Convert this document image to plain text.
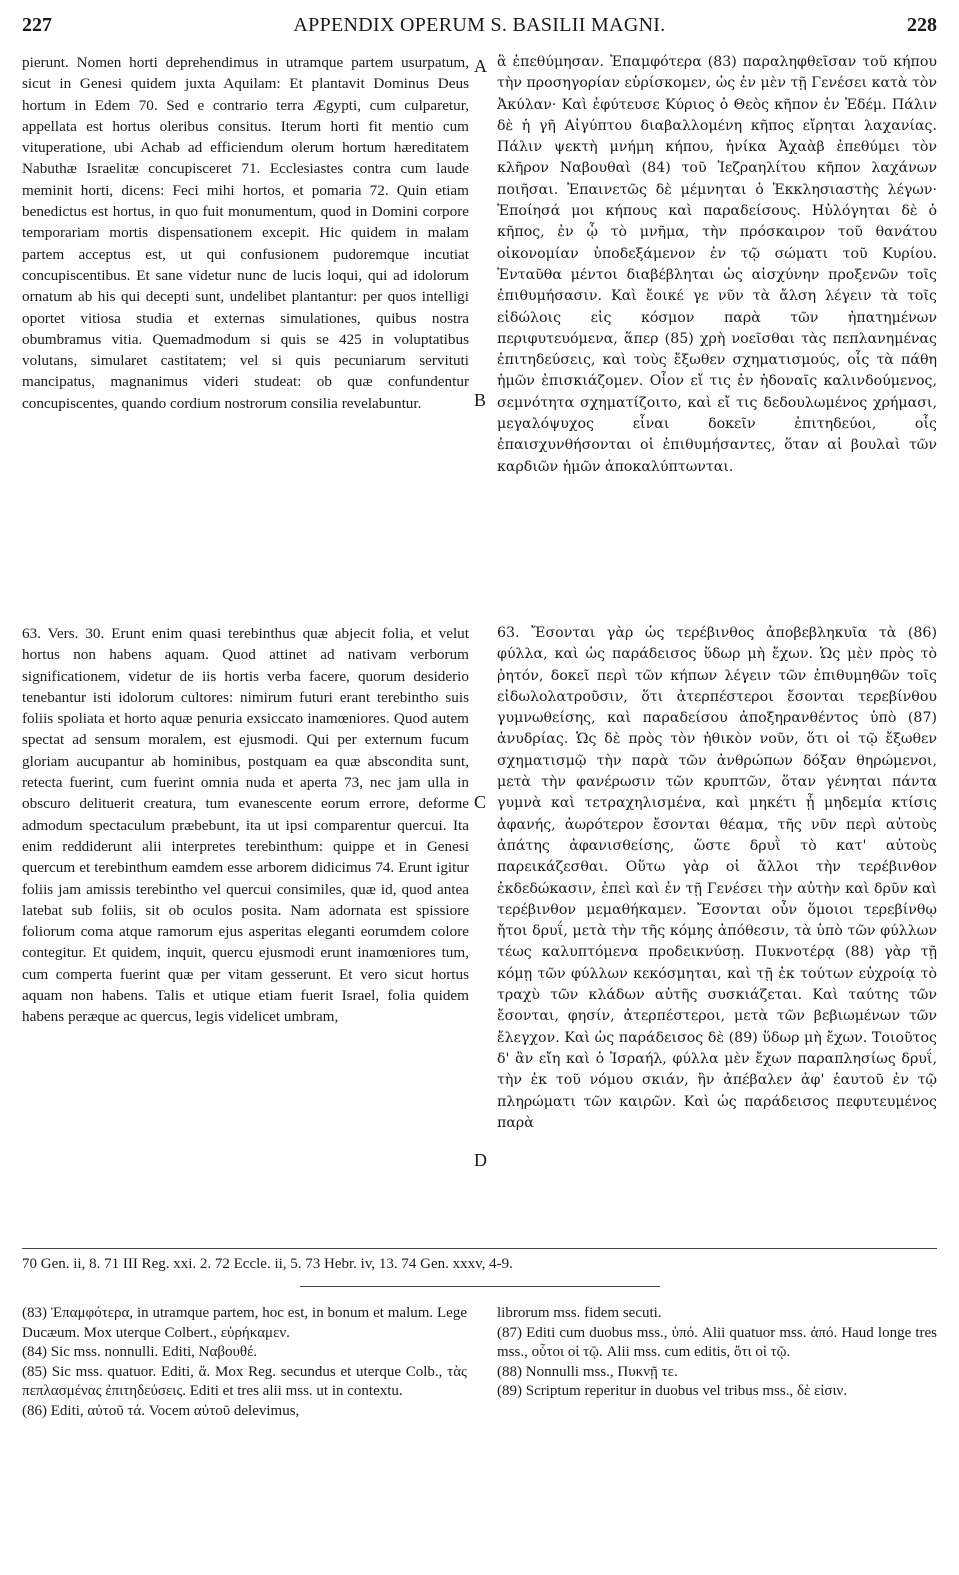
227	APPENDIX OPERUM S. BASILII MAGNI.	228

pierunt. Nomen horti deprehendimus in utramque partem usurpatum, sicut in Genesi quidem juxta Aquilam: Et plantavit Dominus Deus hortum in Edem 70. Sed e contrario terra Ægypti, cum culparetur, appellata est hortus oleribus consitus. Iterum horti fit mentio cum vituperatione, ubi Achab ad efficiendum olerum hortum hæreditatem Nabuthæ Israelitæ concupisceret 71. Ecclesiastes contra cum laude meminit horti, dicens: Feci mihi hortos, et pomaria 72. Quin etiam benedictus est hortus, in quo fuit monumentum, quod in Domini corpore temporariam mortis dispensationem excepit. Hic quidem in malam partem acceptus est, ut qui confusionem pudoremque incutiat concupiscentibus. Et sane videtur nunc de lucis loqui, qui ad idolorum ornatum ab his qui decepti sunt, undelibet plantantur: per quos intelligi oportet vitiosa studia et externas simulationes, quibus nostra obumbramus vitia. Quemadmodum si quis se 425 in voluptatibus volutans, simularet castitatem; vel si quis pecuniarum servituti mancipatus, magnanimus videri studeat: ob quæ confundentur concupiscentes, quando cordium nostrorum consilia revelabuntur.

63. Vers. 30. Erunt enim quasi terebinthus quæ abjecit folia, et velut hortus non habens aquam. Quod attinet ad nativam verborum significationem, videtur de iis hortis verba facere, quorum desiderio tenebantur isti idolorum cultores: nimirum futuri erant terebintho suis foliis spoliata et horto aquæ penuria exsiccato inamœniores. Quod autem spectat ad sensum moralem, est ejusmodi. Qui per externum fucum gloriam aucupantur ab hominibus, postquam ea quæ abscondita sunt, retecta fuerint, cum fuerint omnia nuda et aperta 73, nec jam ulla in obscuro delituerit creatura, tum evanescente eorum errore, deforme admodum spectaculum præbebunt, ita ut ipsi comparentur quercui. Ita enim reddiderunt alii interpretes terebinthum: quippe et in Genesi quercum et terebinthum eamdem esse arborem didicimus 74. Erunt igitur foliis jam amissis terebintho vel quercui consimiles, quæ id, quod antea latebat sub foliis, sit ob oculos posita. Nam adornata est spissiore foliorum coma atque ramorum ejus asperitas eleganti eorumdem colore contegitur. Et quidem, inquit, quercu ejusmodi erunt inamœniores tum, cum comperta fuerint quæ per vitam gesserunt. Et vero sicut hortus aquam non habens. Talis et utique etiam fuerit Israel, folia quidem habens peræque ac quercus, legis videlicet umbram,

ἃ ἐπεθύμησαν. Ἐπαμφότερα (83) παραληφθεῖσαν τοῦ κήπου τὴν προσηγορίαν εὑρίσκομεν, ὡς ἐν μὲν τῇ Γενέσει κατὰ τὸν Ἀκύλαν· Καὶ ἐφύτευσε Κύριος ὁ Θεὸς κῆπον ἐν Ἐδέμ. Πάλιν δὲ ἡ γῆ Αἰγύπτου διαβαλλομένη κῆπος εἴρηται λαχανίας. Πάλιν ψεκτὴ μνήμη κήπου, ἡνίκα Ἀχαὰβ ἐπεθύμει τὸν κλῆρον Ναβουθαὶ (84) τοῦ Ἰεζραηλίτου κῆπον λαχάνων ποιῆσαι. Ἐπαινετῶς δὲ μέμνηται ὁ Ἐκκλησιαστὴς λέγων· Ἐποίησά μοι κήπους καὶ παραδείσους. Ηὐλόγηται δὲ ὁ κῆπος, ἐν ᾧ τὸ μνῆμα, τὴν πρόσκαιρον τοῦ θανάτου οἰκονομίαν ὑποδεξάμενον ἐν τῷ σώματι τοῦ Κυρίου. Ἐνταῦθα μέντοι διαβέβληται ὡς αἰσχύνην προξενῶν τοῖς ἐπιθυμήσασιν. Καὶ ἔοικέ γε νῦν τὰ ἄλση λέγειν τὰ τοῖς εἰδώλοις εἰς κόσμον παρὰ τῶν ἠπατημένων περιφυτευόμενα, ἅπερ (85) χρὴ νοεῖσθαι τὰς πεπλανημένας ἐπιτηδεύσεις, καὶ τοὺς ἔξωθεν σχηματισμούς, οἷς τὰ πάθη ἡμῶν ἐπισκιάζομεν. Οἷον εἴ τις ἐν ἡδοναῖς καλινδούμενος, σεμνότητα σχηματίζοιτο, καὶ εἴ τις δεδουλωμένος χρήμασι, μεγαλόψυχος εἶναι δοκεῖν ἐπιτηδεύοι, οἷς ἐπαισχυνθήσονται οἱ ἐπιθυμήσαντες, ὅταν αἱ βουλαὶ τῶν καρδιῶν ἡμῶν ἀποκαλύπτωνται.

63. Ἔσονται γὰρ ὡς τερέβινθος ἀποβεβληκυῖα τὰ (86) φύλλα, καὶ ὡς παράδεισος ὕδωρ μὴ ἔχων. Ὡς μὲν πρὸς τὸ ῥητόν, δοκεῖ περὶ τῶν κήπων λέγειν τῶν ἐπιθυμηθῶν τοῖς εἰδωλολατροῦσιν, ὅτι ἀτερπέστεροι ἔσονται τερεβίνθου γυμνωθείσης, καὶ παραδείσου ἀποξηρανθέντος ὑπὸ (87) ἀνυδρίας. Ὡς δὲ πρὸς τὸν ἠθικὸν νοῦν, ὅτι οἱ τῷ ἔξωθεν σχηματισμῷ τὴν παρὰ τῶν ἀνθρώπων δόξαν θηρώμενοι, μετὰ τὴν φανέρωσιν τῶν κρυπτῶν, ὅταν γένηται πάντα γυμνὰ καὶ τετραχηλισμένα, καὶ μηκέτι ᾖ μηδεμία κτίσις ἀφανής, ἀωρότερον ἔσονται θέαμα, τῆς νῦν περὶ αὐτοὺς ἀπάτης ἀφανισθείσης, ὥστε δρυῒ τὸ κατ' αὐτοὺς παρεικάζεσθαι. Οὕτω γὰρ οἱ ἄλλοι τὴν τερέβινθον ἐκδεδώκασιν, ἐπεὶ καὶ ἐν τῇ Γενέσει τὴν αὐτὴν καὶ δρῦν καὶ τερέβινθον μεμαθήκαμεν. Ἔσονται οὖν ὅμοιοι τερεβίνθῳ ἤτοι δρυΐ, μετὰ τὴν τῆς κόμης ἀπόθεσιν, τὰ ὑπὸ τῶν φύλλων τέως καλυπτόμενα προδεικνύσῃ. Πυκνοτέρᾳ (88) γὰρ τῇ κόμῃ τῶν φύλλων κεκόσμηται, καὶ τῇ ἐκ τούτων εὐχροίᾳ τὸ τραχὺ τῶν κλάδων αὐτῆς συσκιάζεται. Καὶ ταύτης τῶν ἔσονται, φησίν, ἀτερπέστεροι, μετὰ τῶν βεβιωμένων τῶν ἔλεγχον. Καὶ ὡς παράδεισος δὲ (89) ὕδωρ μὴ ἔχων. Τοιοῦτος δ' ἂν εἴη καὶ ὁ Ἰσραήλ, φύλλα μὲν ἔχων παραπλησίως δρυΐ, τὴν ἐκ τοῦ νόμου σκιάν, ἣν ἀπέβαλεν ἀφ' ἑαυτοῦ ἐν τῷ πληρώματι τῶν καιρῶν. Καὶ ὡς παράδεισος πεφυτευμένος παρὰ

A
B
C
D
70 Gen. ii, 8. 71 III Reg. xxi. 2. 72 Eccle. ii, 5. 73 Hebr. iv, 13. 74 Gen. xxxv, 4-9.

(83) Ἐπαμφότερα, in utramque partem, hoc est, in bonum et malum. Lege Ducæum. Mox uterque Colbert., εὑρήκαμεν.

(84) Sic mss. nonnulli. Editi, Ναβουθέ.

(85) Sic mss. quatuor. Editi, ἅ. Mox Reg. secundus et uterque Colb., τὰς πεπλασμένας ἐπιτηδεύσεις. Editi et tres alii mss. ut in contextu.

(86) Editi, αὐτοῦ τά. Vocem αὐτοῦ delevimus,

librorum mss. fidem secuti.

(87) Editi cum duobus mss., ὑπό. Alii quatuor mss. ἀπό. Haud longe tres mss., οὗτοι οἱ τῷ. Alii mss. cum editis, ὅτι οἱ τῷ.

(88) Nonnulli mss., Πυκνῇ τε.

(89) Scriptum reperitur in duobus vel tribus mss., δὲ εἰσιν.
